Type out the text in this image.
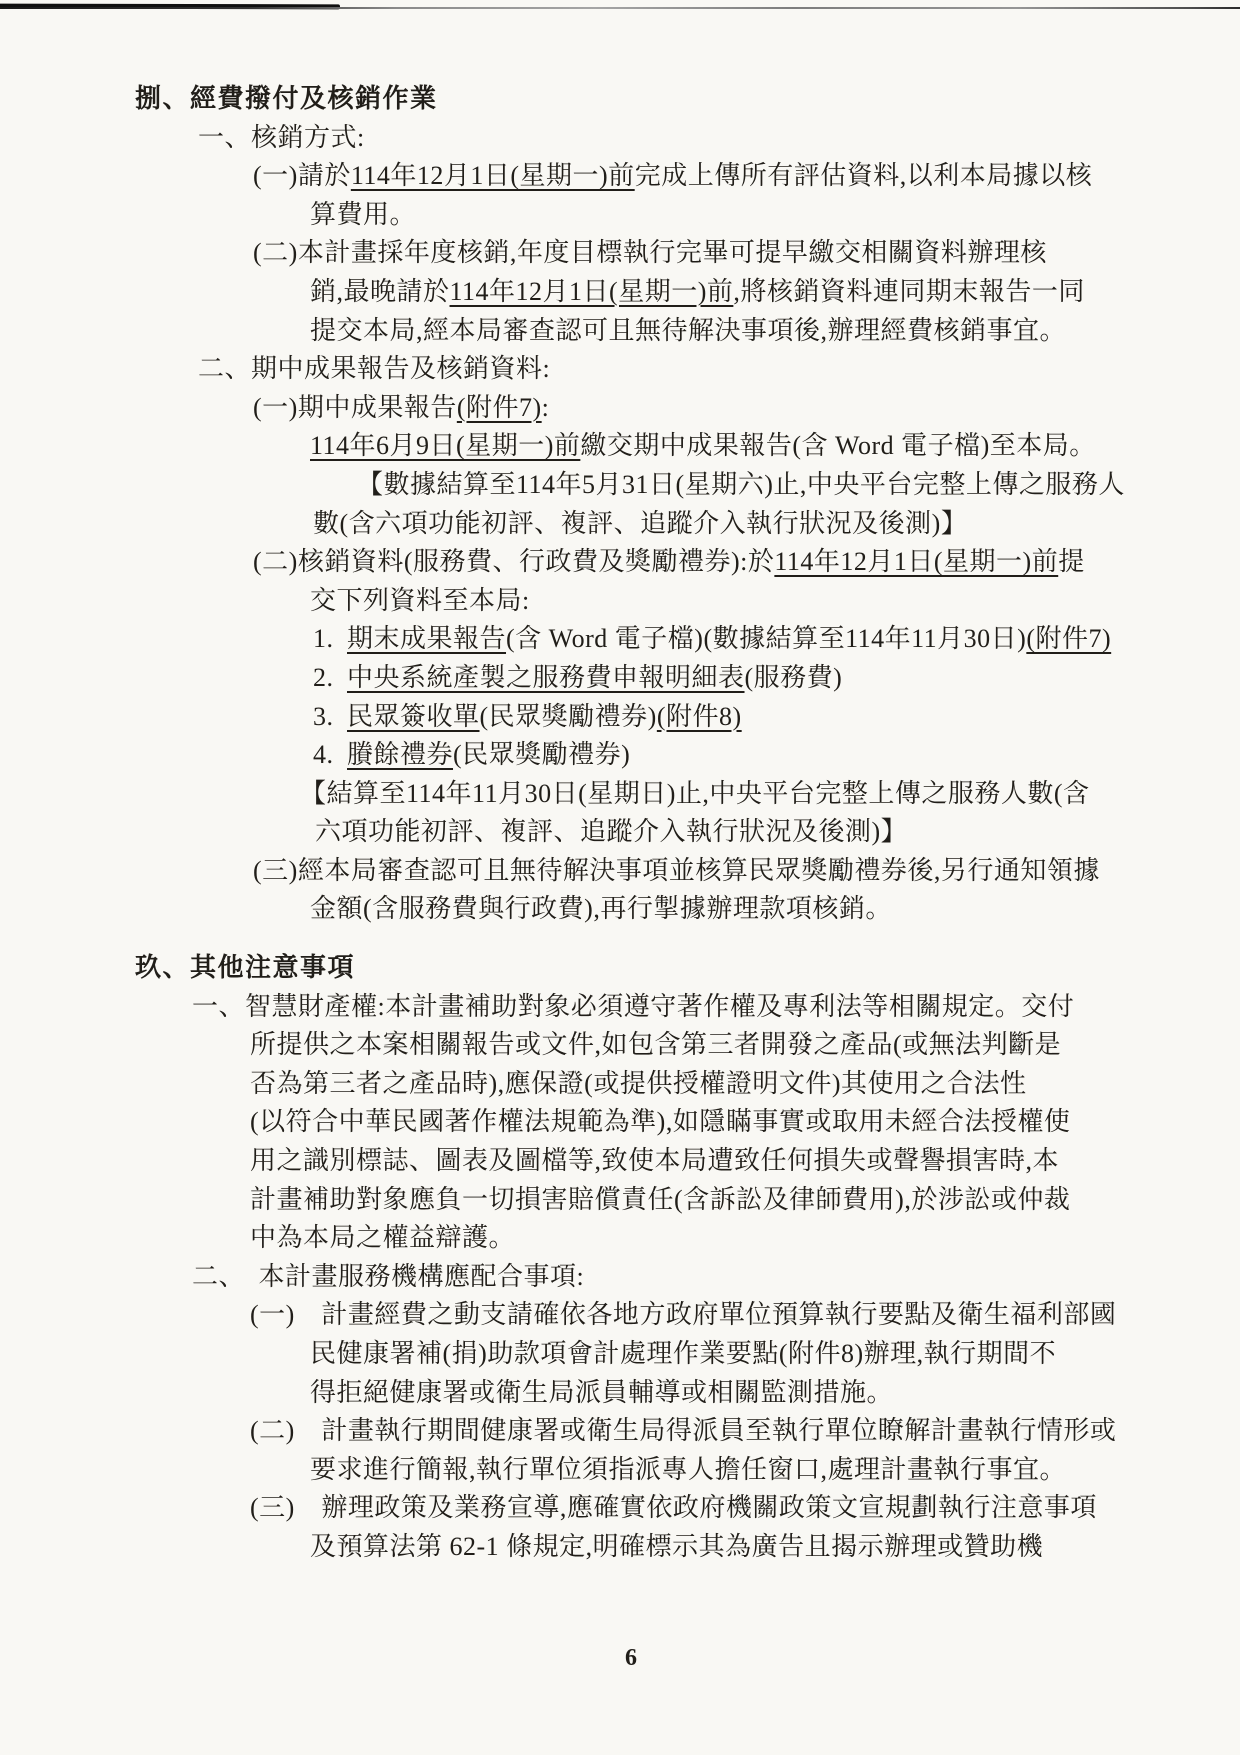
捌、經費撥付及核銷作業
一、核銷方式:
(一)請於114年12月1日(星期一)前完成上傳所有評估資料,以利本局據以核
算費用。
(二)本計畫採年度核銷,年度目標執行完畢可提早繳交相關資料辦理核
銷,最晚請於114年12月1日(星期一)前,將核銷資料連同期末報告一同
提交本局,經本局審查認可且無待解決事項後,辦理經費核銷事宜。
二、期中成果報告及核銷資料:
(一)期中成果報告(附件7):
114年6月9日(星期一)前繳交期中成果報告(含 Word 電子檔)至本局。
【數據結算至114年5月31日(星期六)止,中央平台完整上傳之服務人
數(含六項功能初評、複評、追蹤介入執行狀況及後測)】
(二)核銷資料(服務費、行政費及獎勵禮券):於114年12月1日(星期一)前提
交下列資料至本局:
1. 期末成果報告(含 Word 電子檔)(數據結算至114年11月30日)(附件7)
2. 中央系統產製之服務費申報明細表(服務費)
3. 民眾簽收單(民眾獎勵禮券)(附件8)
4. 賸餘禮券(民眾獎勵禮券)
【結算至114年11月30日(星期日)止,中央平台完整上傳之服務人數(含
六項功能初評、複評、追蹤介入執行狀況及後測)】
(三)經本局審查認可且無待解決事項並核算民眾獎勵禮券後,另行通知領據
金額(含服務費與行政費),再行掣據辦理款項核銷。
玖、其他注意事項
一、智慧財產權:本計畫補助對象必須遵守著作權及專利法等相關規定。交付
所提供之本案相關報告或文件,如包含第三者開發之產品(或無法判斷是
否為第三者之產品時),應保證(或提供授權證明文件)其使用之合法性
(以符合中華民國著作權法規範為準),如隱瞞事實或取用未經合法授權使
用之識別標誌、圖表及圖檔等,致使本局遭致任何損失或聲譽損害時,本
計畫補助對象應負一切損害賠償責任(含訴訟及律師費用),於涉訟或仲裁
中為本局之權益辯護。
二、 本計畫服務機構應配合事項:
(一)　計畫經費之動支請確依各地方政府單位預算執行要點及衛生福利部國
民健康署補(捐)助款項會計處理作業要點(附件8)辦理,執行期間不
得拒絕健康署或衛生局派員輔導或相關監測措施。
(二)　計畫執行期間健康署或衛生局得派員至執行單位瞭解計畫執行情形或
要求進行簡報,執行單位須指派專人擔任窗口,處理計畫執行事宜。
(三)　辦理政策及業務宣導,應確實依政府機關政策文宣規劃執行注意事項
及預算法第 62-1 條規定,明確標示其為廣告且揭示辦理或贊助機
6
